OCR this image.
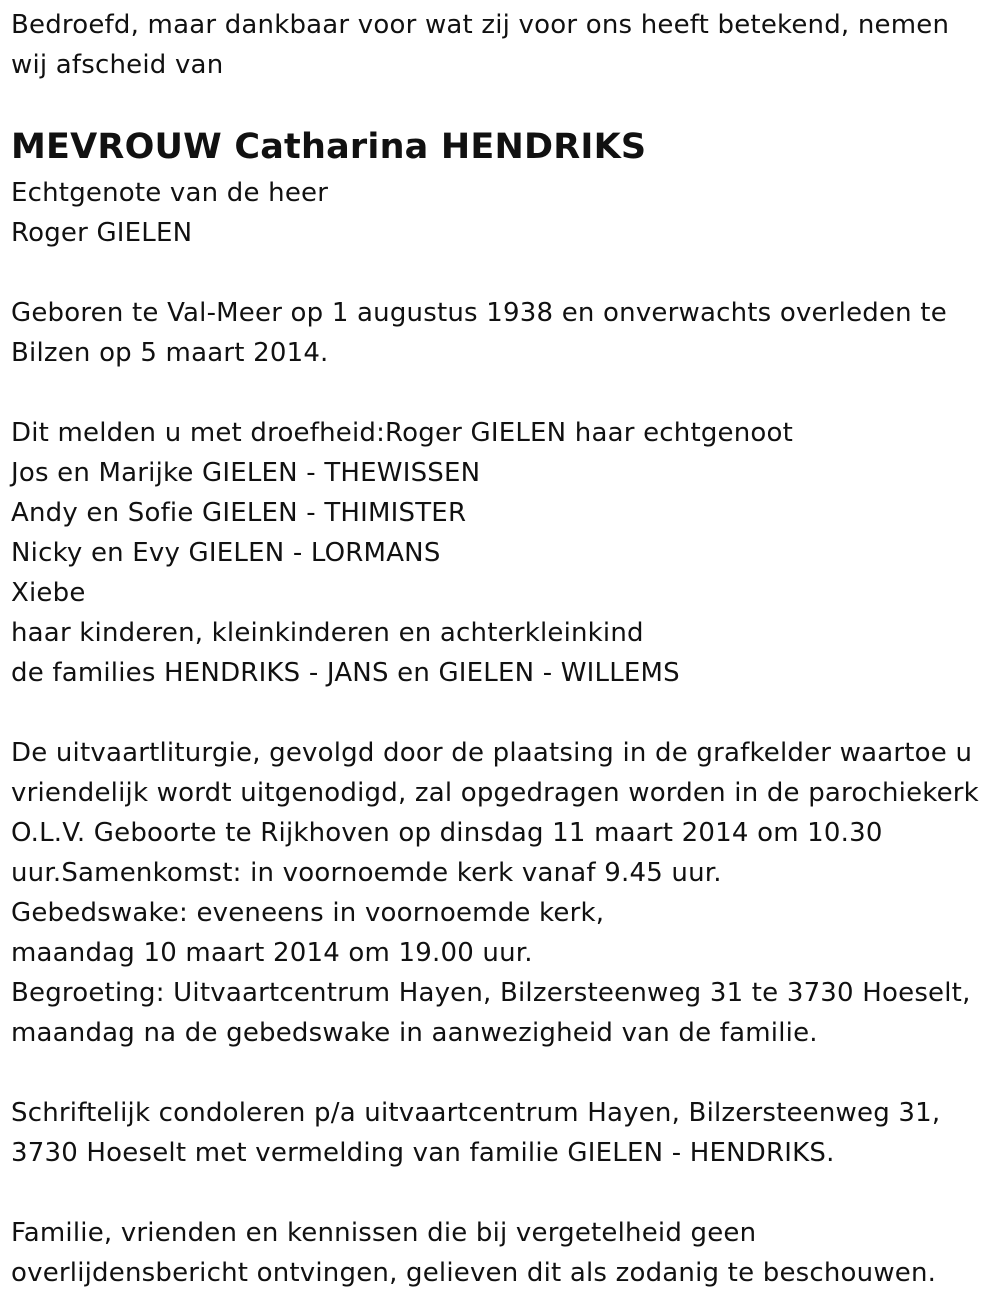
Bedroefd, maar dankbaar voor wat zij voor ons heeft betekend, nemen
wij afscheid van
MEVROUW Catharina HENDRIKS
Echtgenote van de heer
Roger GIELEN
Geboren te Val-Meer op 1 augustus 1938 en onverwachts overleden te
Bilzen op 5 maart 2014.
Dit melden u met droefheid:Roger GIELEN haar echtgenoot
Jos en Marijke GIELEN - THEWISSEN
Andy en Sofie GIELEN - THIMISTER
Nicky en Evy GIELEN - LORMANS
Xiebe
haar kinderen, kleinkinderen en achterkleinkind
de families HENDRIKS - JANS en GIELEN - WILLEMS
De uitvaartliturgie, gevolgd door de plaatsing in de grafkelder waartoe u
vriendelijk wordt uitgenodigd, zal opgedragen worden in de parochiekerk
O.L.V. Geboorte te Rijkhoven op dinsdag 11 maart 2014 om 10.30
uur.Samenkomst: in voornoemde kerk vanaf 9.45 uur.
Gebedswake: eveneens in voornoemde kerk,
maandag 10 maart 2014 om 19.00 uur.
Begroeting: Uitvaartcentrum Hayen, Bilzersteenweg 31 te 3730 Hoeselt,
maandag na de gebedswake in aanwezigheid van de familie.
Schriftelijk condoleren p/a uitvaartcentrum Hayen, Bilzersteenweg 31,
3730 Hoeselt met vermelding van familie GIELEN - HENDRIKS.
Familie, vrienden en kennissen die bij vergetelheid geen
overlijdensbericht ontvingen, gelieven dit als zodanig te beschouwen.
